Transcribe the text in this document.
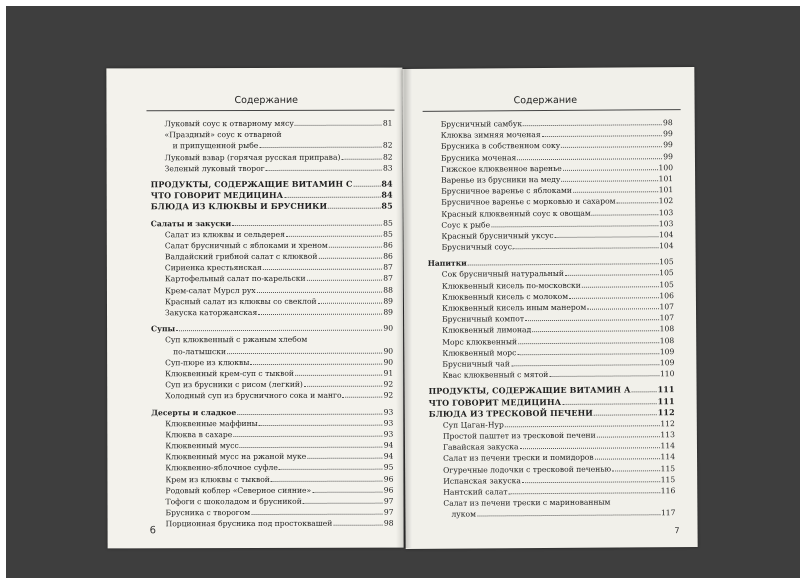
Содержание
Луковый соус к отварному мясу	81
«Праздный» соус к отварной
и припущенной рыбе	82
Луковый взвар (горячая русская приправа)	82
Зеленый луковый творог	83
ПРОДУКТЫ, СОДЕРЖАЩИЕ ВИТАМИН С	84
ЧТО ГОВОРИТ МЕДИЦИНА	84
БЛЮДА ИЗ КЛЮКВЫ И БРУСНИКИ	85
Салаты и закуски	85
Салат из клюквы и сельдерея	85
Салат брусничный с яблоками и хреном	86
Валдайский грибной салат с клюквой	86
Сириенка крестьянская	87
Картофельный салат по-карельски	87
Крем-салат Мурсл рух	88
Красный салат из клюквы со свеклой	89
Закуска каторжанская	89
Супы	90
Суп клюквенный с ржаным хлебом
по-латышски	90
Суп-пюре из клюквы	90
Клюквенный крем-суп с тыквой	91
Суп из брусники с рисом (легкий)	92
Холодный суп из брусничного сока и манго	92
Десерты и сладкое	93
Клюквенные маффины	93
Клюква в сахаре	93
Клюквенный мусс	94
Клюквенный мусс на ржаной муке	94
Клюквенно-яблочное суфле	95
Крем из клюквы с тыквой	96
Родовый коблер «Северное сияние»	96
Тофоги с шоколадом и брусникой	97
Брусника с творогом	97
Порционная брусника под простоквашей	98
6
Содержание
Брусничный самбук	98
Клюква зимняя моченая	99
Брусника в собственном соку	99
Брусника моченая	99
Гижское клюквенное варенье	100
Варенье из брусники на меду	101
Брусничное варенье с яблоками	101
Брусничное варенье с морковью и сахаром	102
Красный клюквенный соус к овощам	103
Соус к рыбе	103
Красный брусничный уксус	104
Брусничный соус	104
Напитки	105
Сок брусничный натуральный	105
Клюквенный кисель по-московски	105
Клюквенный кисель с молоком	106
Клюквенный кисель иным манером	107
Брусничный компот	107
Клюквенный лимонад	108
Морс клюквенный	108
Клюквенный морс	109
Брусничный чай	109
Квас клюквенный с мятой	110
ПРОДУКТЫ, СОДЕРЖАЩИЕ ВИТАМИН А	111
ЧТО ГОВОРИТ МЕДИЦИНА	111
БЛЮДА ИЗ ТРЕСКОВОЙ ПЕЧЕНИ	112
Суп Цаган-Нур	112
Простой паштет из тресковой печени	113
Гавайская закуска	114
Салат из печени трески и помидоров	114
Огуречные лодочки с тресковой печенью	115
Испанская закуска	115
Нантский салат	116
Салат из печени трески с маринованным
луком	117
7
